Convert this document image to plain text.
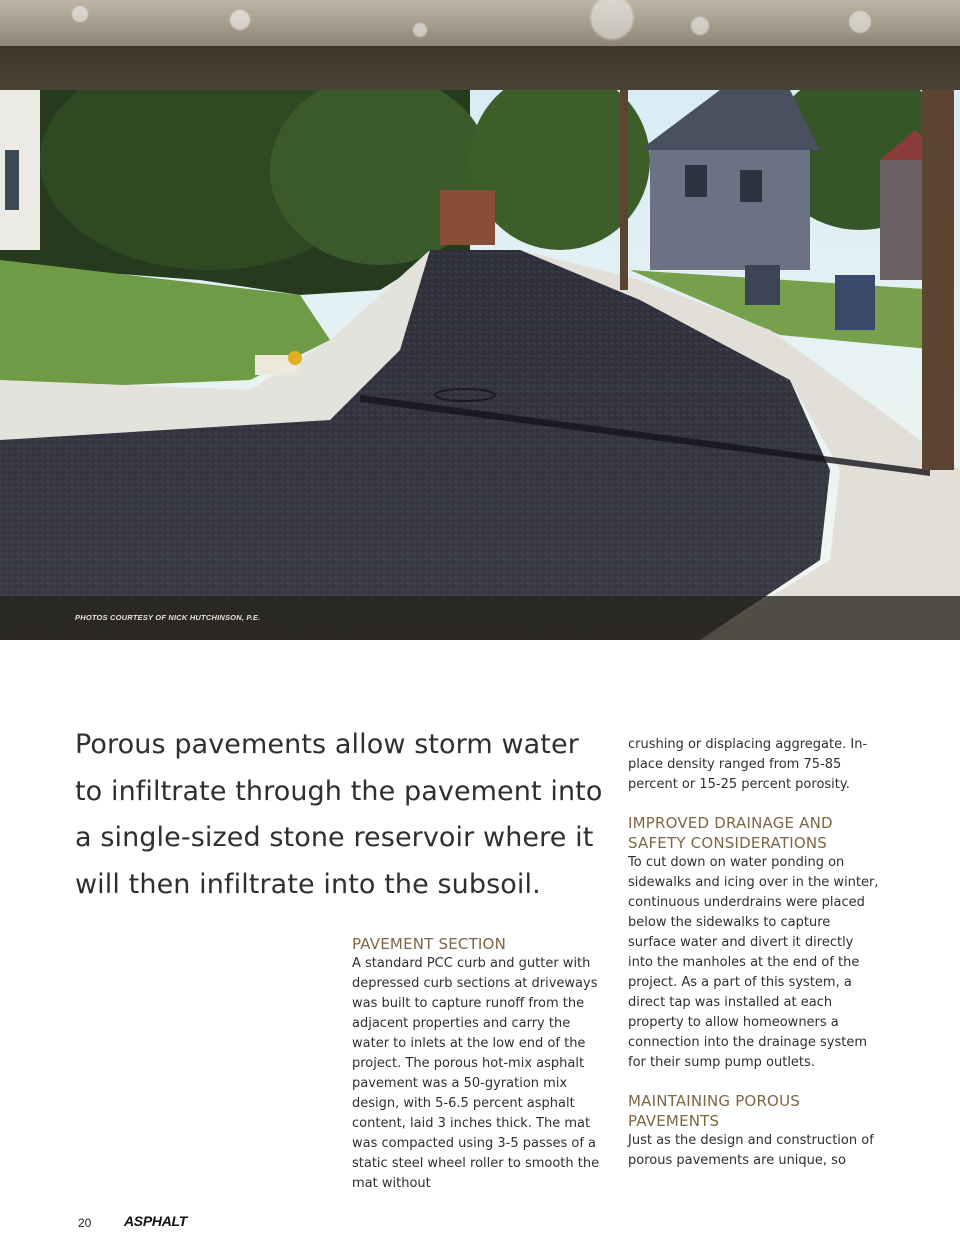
PHOTOS COURTESY OF NICK HUTCHINSON, P.E.
Porous pavements allow storm water to infiltrate through the pavement into a single-sized stone reservoir where it will then infiltrate into the subsoil.
PAVEMENT SECTION

A standard PCC curb and gutter with depressed curb sections at driveways was built to capture runoff from the adjacent properties and carry the water to inlets at the low end of the project. The porous hot-mix asphalt pavement was a 50-gyration mix design, with 5-6.5 percent asphalt content, laid 3 inches thick. The mat was compacted using 3-5 passes of a static steel wheel roller to smooth the mat without

crushing or displacing aggregate. In-place density ranged from 75-85 percent or 15-25 percent porosity.

IMPROVED DRAINAGE AND SAFETY CONSIDERATIONS

To cut down on water ponding on sidewalks and icing over in the winter, continuous underdrains were placed below the sidewalks to capture surface water and divert it directly into the manholes at the end of the project. As a part of this system, a direct tap was installed at each property to allow homeowners a connection into the drainage system for their sump pump outlets.

MAINTAINING POROUS PAVEMENTS

Just as the design and construction of porous pavements are unique, so

20 ASPHALT
